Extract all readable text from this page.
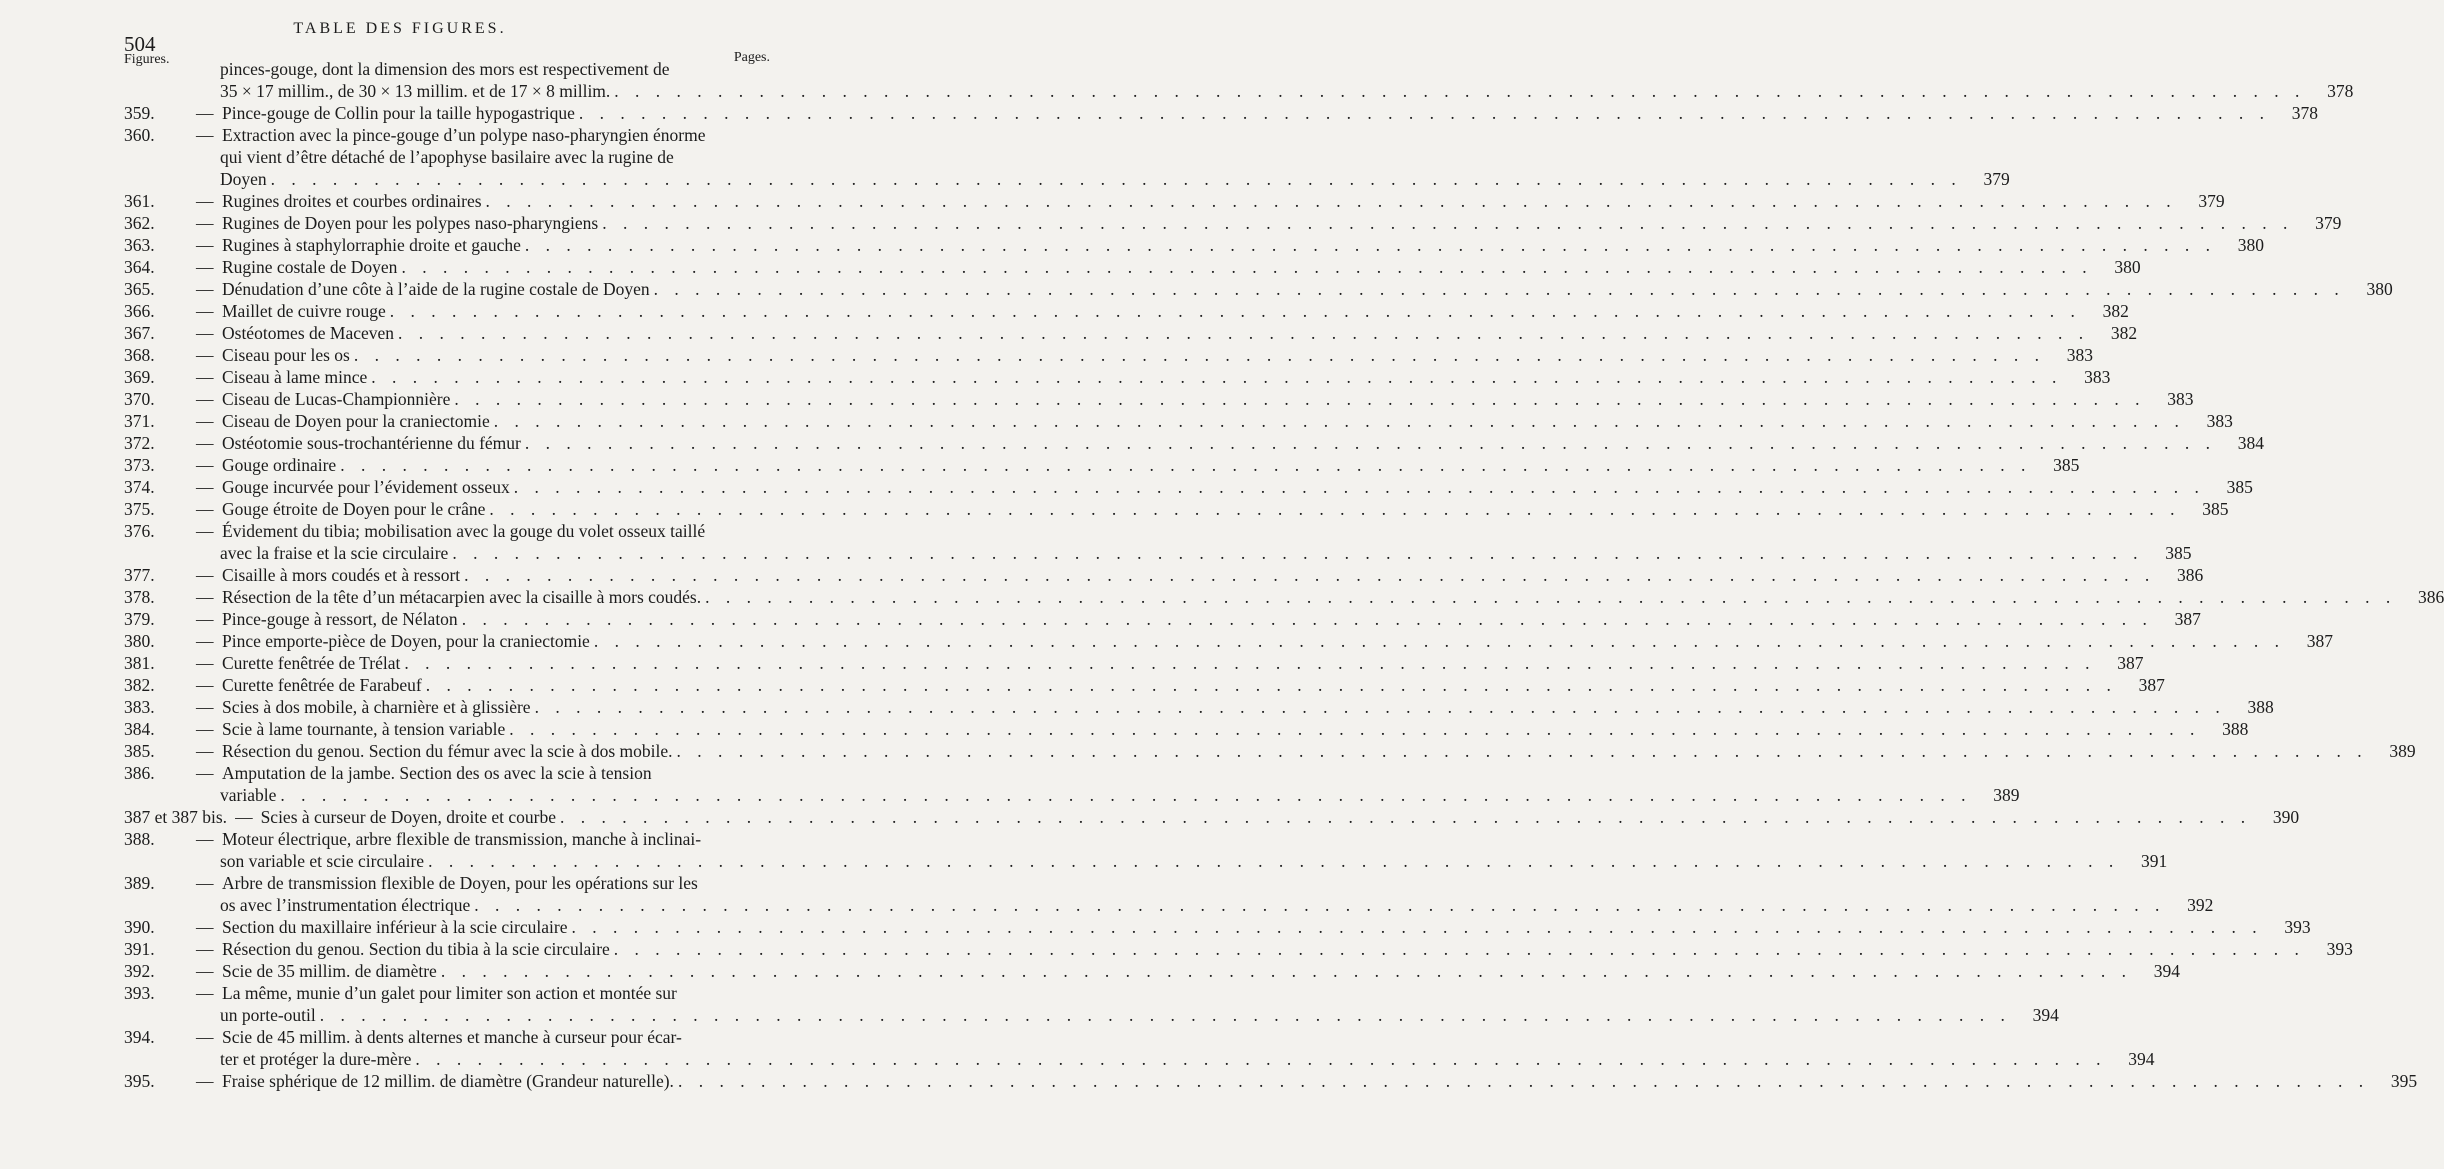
504
TABLE DES FIGURES.
Figures.	Pages.
pinces-gouge, dont la dimension des mors est respectivement de
35 × 17 millim., de 30 × 13 millim. et de 17 × 8 millim. . . .	378
359.	— Pince-gouge de Collin pour la taille hypogastrique . . .	378
360.	— Extraction avec la pince-gouge d’un polype naso-pharyngien énorme
qui vient d’être détaché de l’apophyse basilaire avec la rugine de
Doyen . . .	379
361.	— Rugines droites et courbes ordinaires . . .	379
362.	— Rugines de Doyen pour les polypes naso-pharyngiens . . .	379
363.	— Rugines à staphylorraphie droite et gauche . . .	380
364.	— Rugine costale de Doyen . . .	380
365.	— Dénudation d’une côte à l’aide de la rugine costale de Doyen . . .	380
366.	— Maillet de cuivre rouge . . .	382
367.	— Ostéotomes de Maceven . . .	382
368.	— Ciseau pour les os . . .	383
369.	— Ciseau à lame mince . . .	383
370.	— Ciseau de Lucas-Championnière . . .	383
371.	— Ciseau de Doyen pour la craniectomie . . .	383
372.	— Ostéotomie sous-trochantérienne du fémur . . .	384
373.	— Gouge ordinaire . . .	385
374.	— Gouge incurvée pour l’évidement osseux . . .	385
375.	— Gouge étroite de Doyen pour le crâne . . .	385
376.	— Évidement du tibia; mobilisation avec la gouge du volet osseux taillé
avec la fraise et la scie circulaire . . .	385
377.	— Cisaille à mors coudés et à ressort . . .	386
378.	— Résection de la tête d’un métacarpien avec la cisaille à mors coudés. . . .	386
379.	— Pince-gouge à ressort, de Nélaton . . .	387
380.	— Pince emporte-pièce de Doyen, pour la craniectomie . . .	387
381.	— Curette fenêtrée de Trélat . . .	387
382.	— Curette fenêtrée de Farabeuf . . .	387
383.	— Scies à dos mobile, à charnière et à glissière . . .	388
384.	— Scie à lame tournante, à tension variable . . .	388
385.	— Résection du genou. Section du fémur avec la scie à dos mobile. . . .	389
386.	— Amputation de la jambe. Section des os avec la scie à tension
variable . . .	389
387 et 387 bis. — Scies à curseur de Doyen, droite et courbe . . .	390
388.	— Moteur électrique, arbre flexible de transmission, manche à inclinai-
son variable et scie circulaire . . .	391
389.	— Arbre de transmission flexible de Doyen, pour les opérations sur les
os avec l’instrumentation électrique . . .	392
390.	— Section du maxillaire inférieur à la scie circulaire . . .	393
391.	— Résection du genou. Section du tibia à la scie circulaire . . .	393
392.	— Scie de 35 millim. de diamètre . . .	394
393.	— La même, munie d’un galet pour limiter son action et montée sur
un porte-outil . . .	394
394.	— Scie de 45 millim. à dents alternes et manche à curseur pour écar-
ter et protéger la dure-mère . . .	394
395.	— Fraise sphérique de 12 millim. de diamètre (Grandeur naturelle). . . .	395
